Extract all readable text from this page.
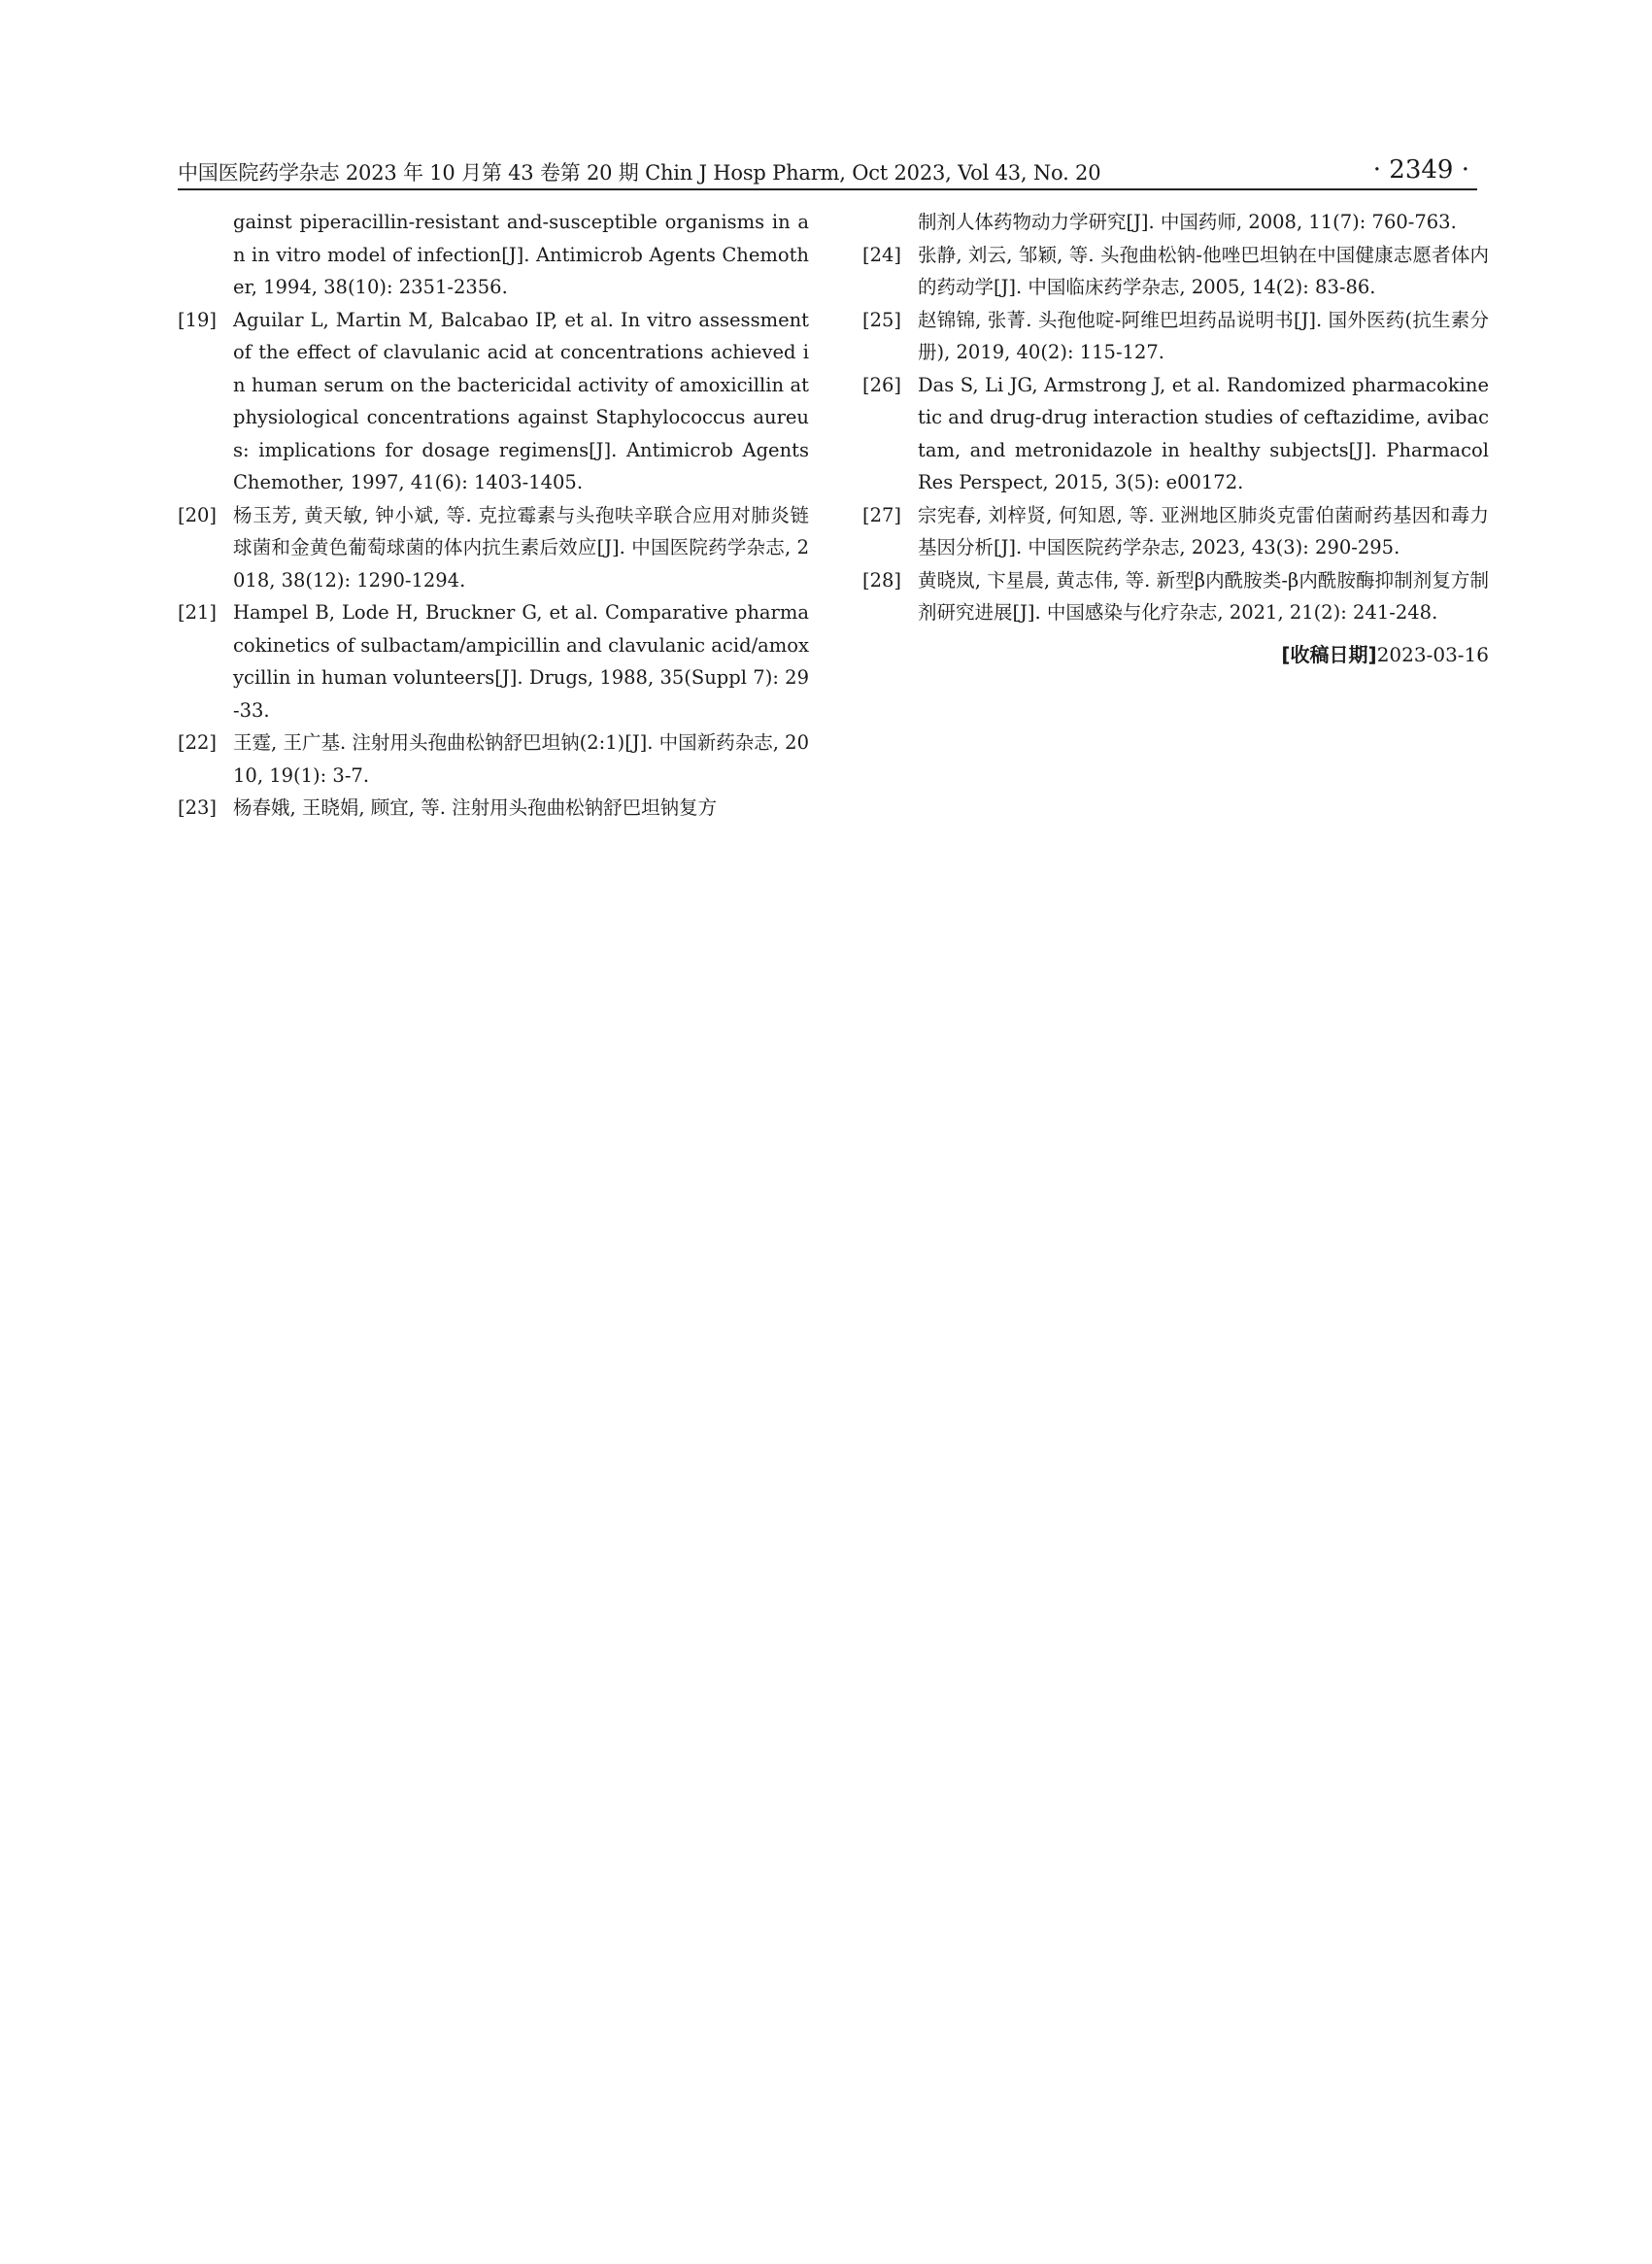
中国医院药学杂志 2023 年 10 月第 43 卷第 20 期 Chin J Hosp Pharm, Oct 2023, Vol 43, No. 20	· 2349 ·
gainst piperacillin-resistant and-susceptible organisms in an in vitro model of infection[J]. Antimicrob Agents Chemother, 1994, 38(10): 2351-2356.
[19] Aguilar L, Martin M, Balcabao IP, et al. In vitro assessment of the effect of clavulanic acid at concentrations achieved in human serum on the bactericidal activity of amoxicillin at physiological concentrations against Staphylococcus aureus: implications for dosage regimens[J]. Antimicrob Agents Chemother, 1997, 41(6): 1403-1405.
[20] 杨玉芳, 黄天敏, 钟小斌, 等. 克拉霉素与头孢呋辛联合应用对肺炎链球菌和金黄色葡萄球菌的体内抗生素后效应[J]. 中国医院药学杂志, 2018, 38(12): 1290-1294.
[21] Hampel B, Lode H, Bruckner G, et al. Comparative pharmacokinetics of sulbactam/ampicillin and clavulanic acid/amoxycillin in human volunteers[J]. Drugs, 1988, 35(Suppl 7): 29-33.
[22] 王霆, 王广基. 注射用头孢曲松钠舒巴坦钠(2:1)[J]. 中国新药杂志, 2010, 19(1): 3-7.
[23] 杨春娥, 王晓娟, 顾宜, 等. 注射用头孢曲松钠舒巴坦钠复方
制剂人体药物动力学研究[J]. 中国药师, 2008, 11(7): 760-763.
[24] 张静, 刘云, 邹颖, 等. 头孢曲松钠-他唑巴坦钠在中国健康志愿者体内的药动学[J]. 中国临床药学杂志, 2005, 14(2): 83-86.
[25] 赵锦锦, 张菁. 头孢他啶-阿维巴坦药品说明书[J]. 国外医药(抗生素分册), 2019, 40(2): 115-127.
[26] Das S, Li JG, Armstrong J, et al. Randomized pharmacokinetic and drug-drug interaction studies of ceftazidime, avibactam, and metronidazole in healthy subjects[J]. Pharmacol Res Perspect, 2015, 3(5): e00172.
[27] 宗宪春, 刘梓贤, 何知恩, 等. 亚洲地区肺炎克雷伯菌耐药基因和毒力基因分析[J]. 中国医院药学杂志, 2023, 43(3): 290-295.
[28] 黄晓岚, 卞星晨, 黄志伟, 等. 新型β内酰胺类-β内酰胺酶抑制剂复方制剂研究进展[J]. 中国感染与化疗杂志, 2021, 21(2): 241-248.
[收稿日期]2023-03-16
